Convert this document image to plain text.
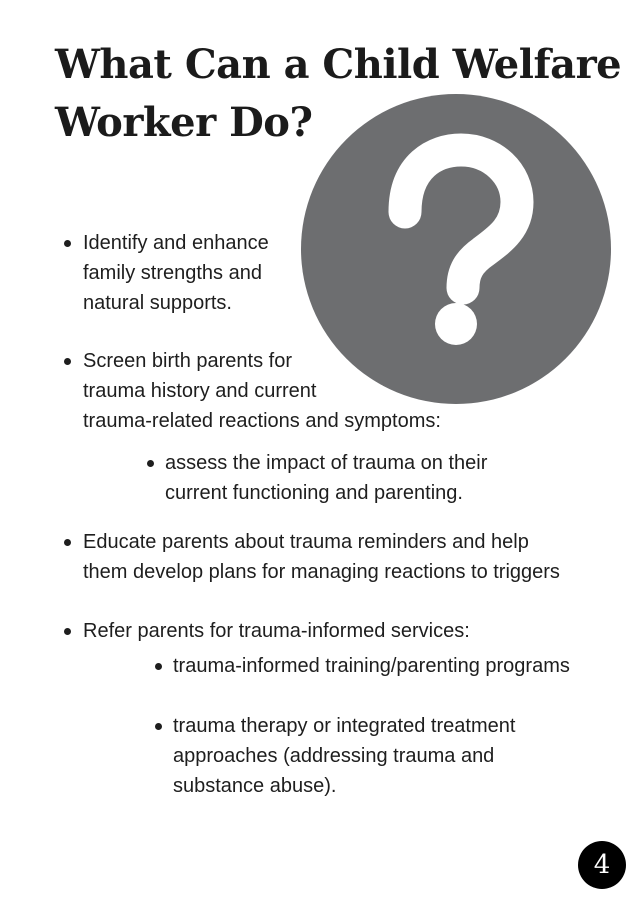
What Can a Child Welfare
Worker Do?
Identify and enhance
family strengths and
natural supports.
Screen birth parents for
trauma history and current
trauma-related reactions and symptoms:
assess the impact of trauma on their
current functioning and parenting.
Educate parents about trauma reminders and help
them develop plans for managing reactions to triggers
Refer parents for trauma-informed services:
trauma-informed training/parenting programs
trauma therapy or integrated treatment
approaches (addressing trauma and
substance abuse).
4
